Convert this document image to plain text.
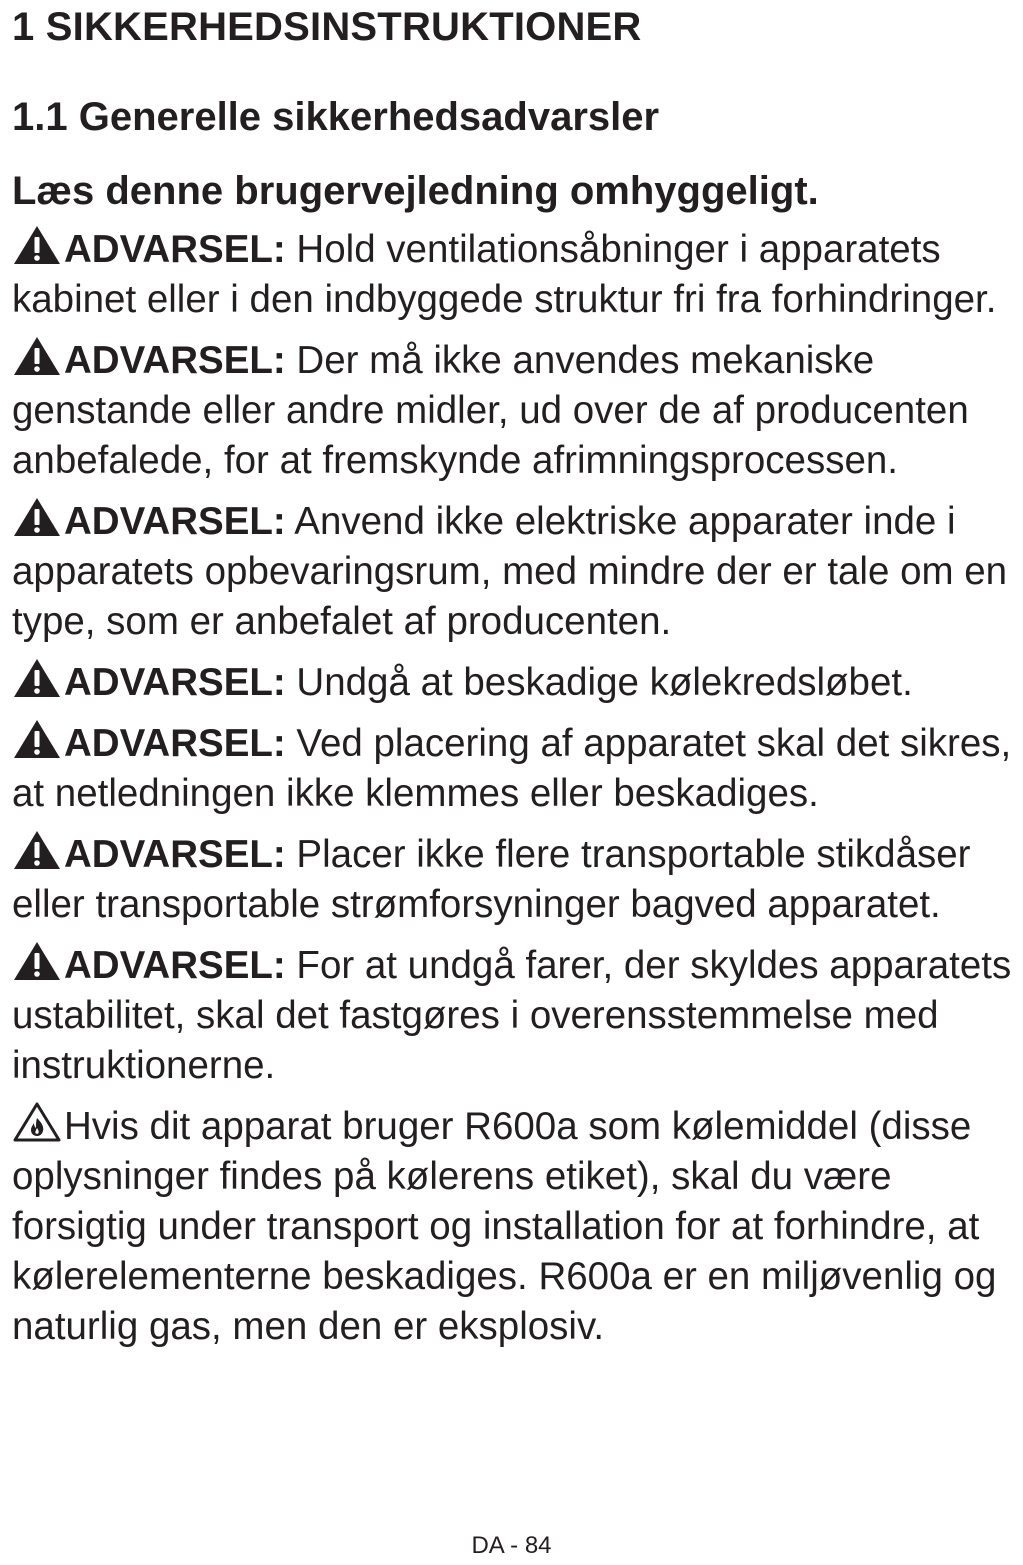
1 SIKKERHEDSINSTRUKTIONER
1.1 Generelle sikkerhedsadvarsler

Læs denne brugervejledning omhyggeligt.

ADVARSEL: Hold ventilationsåbninger i apparatets kabinet eller i den indbyggede struktur fri fra forhindringer.

ADVARSEL: Der må ikke anvendes mekaniske genstande eller andre midler, ud over de af producenten anbefalede, for at fremskynde afrimningsprocessen.

ADVARSEL: Anvend ikke elektriske apparater inde i apparatets opbevaringsrum, med mindre der er tale om en type, som er anbefalet af producenten.

ADVARSEL: Undgå at beskadige kølekredsløbet.

ADVARSEL: Ved placering af apparatet skal det sikres, at netledningen ikke klemmes eller beskadiges.

ADVARSEL: Placer ikke flere transportable stikdåser eller transportable strømforsyninger bagved apparatet.

ADVARSEL: For at undgå farer, der skyldes apparatets ustabilitet, skal det fastgøres i overensstemmelse med instruktionerne.

Hvis dit apparat bruger R600a som kølemiddel (disse oplysninger findes på kølerens etiket), skal du være forsigtig under transport og installation for at forhindre, at kølerelementerne beskadiges. R600a er en miljøvenlig og naturlig gas, men den er eksplosiv.

DA - 84
